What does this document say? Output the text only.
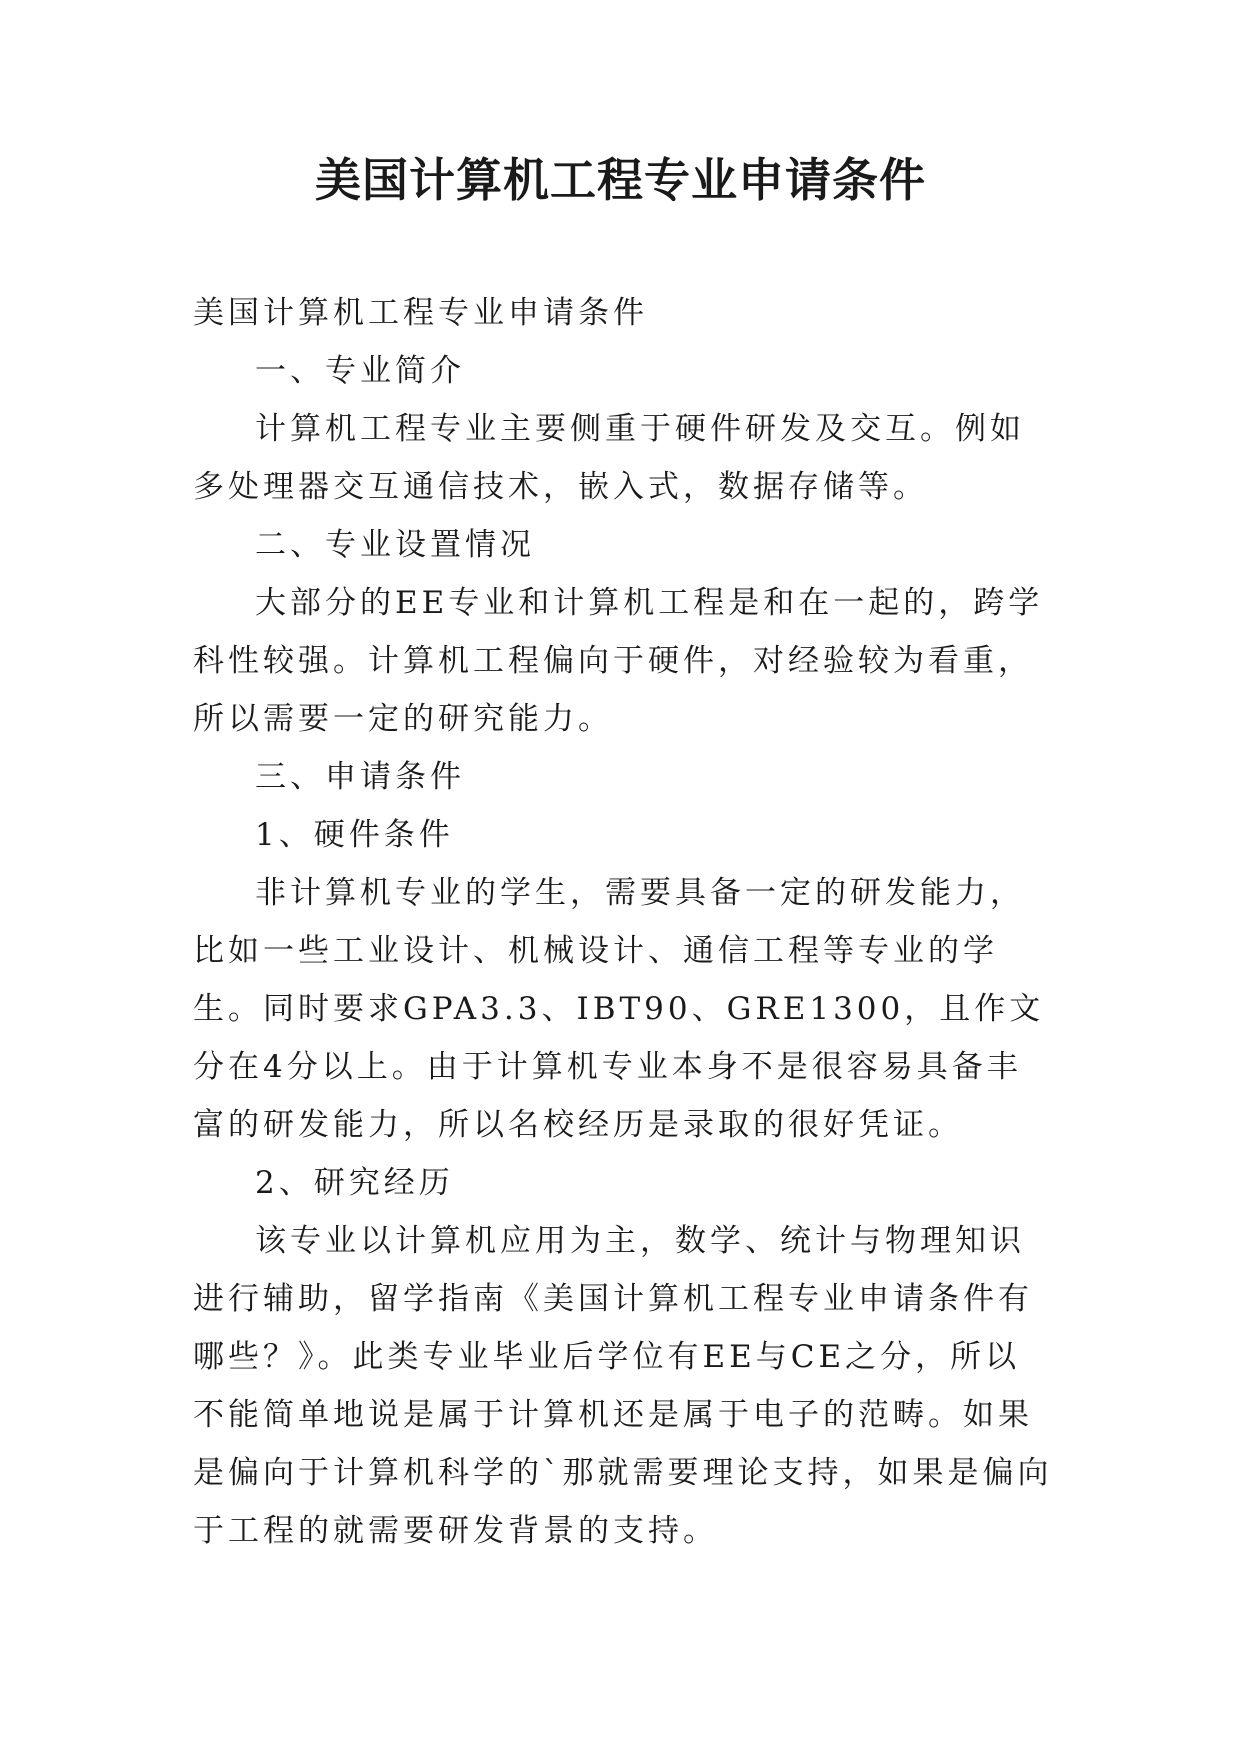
美国计算机工程专业申请条件

美国计算机工程专业申请条件

一、专业简介

计算机工程专业主要侧重于硬件研发及交互。例如多处理器交互通信技术，嵌入式，数据存储等。

二、专业设置情况

大部分的EE专业和计算机工程是和在一起的，跨学科性较强。计算机工程偏向于硬件，对经验较为看重，所以需要一定的研究能力。

三、申请条件

1、硬件条件

非计算机专业的学生，需要具备一定的研发能力，比如一些工业设计、机械设计、通信工程等专业的学生。同时要求GPA3.3、IBT90、GRE1300，且作文分在4分以上。由于计算机专业本身不是很容易具备丰富的研发能力，所以名校经历是录取的很好凭证。

2、研究经历

该专业以计算机应用为主，数学、统计与物理知识进行辅助，留学指南《美国计算机工程专业申请条件有哪些？》。此类专业毕业后学位有EE与CE之分，所以不能简单地说是属于计算机还是属于电子的范畴。如果是偏向于计算机科学的`那就需要理论支持，如果是偏向于工程的就需要研发背景的支持。
